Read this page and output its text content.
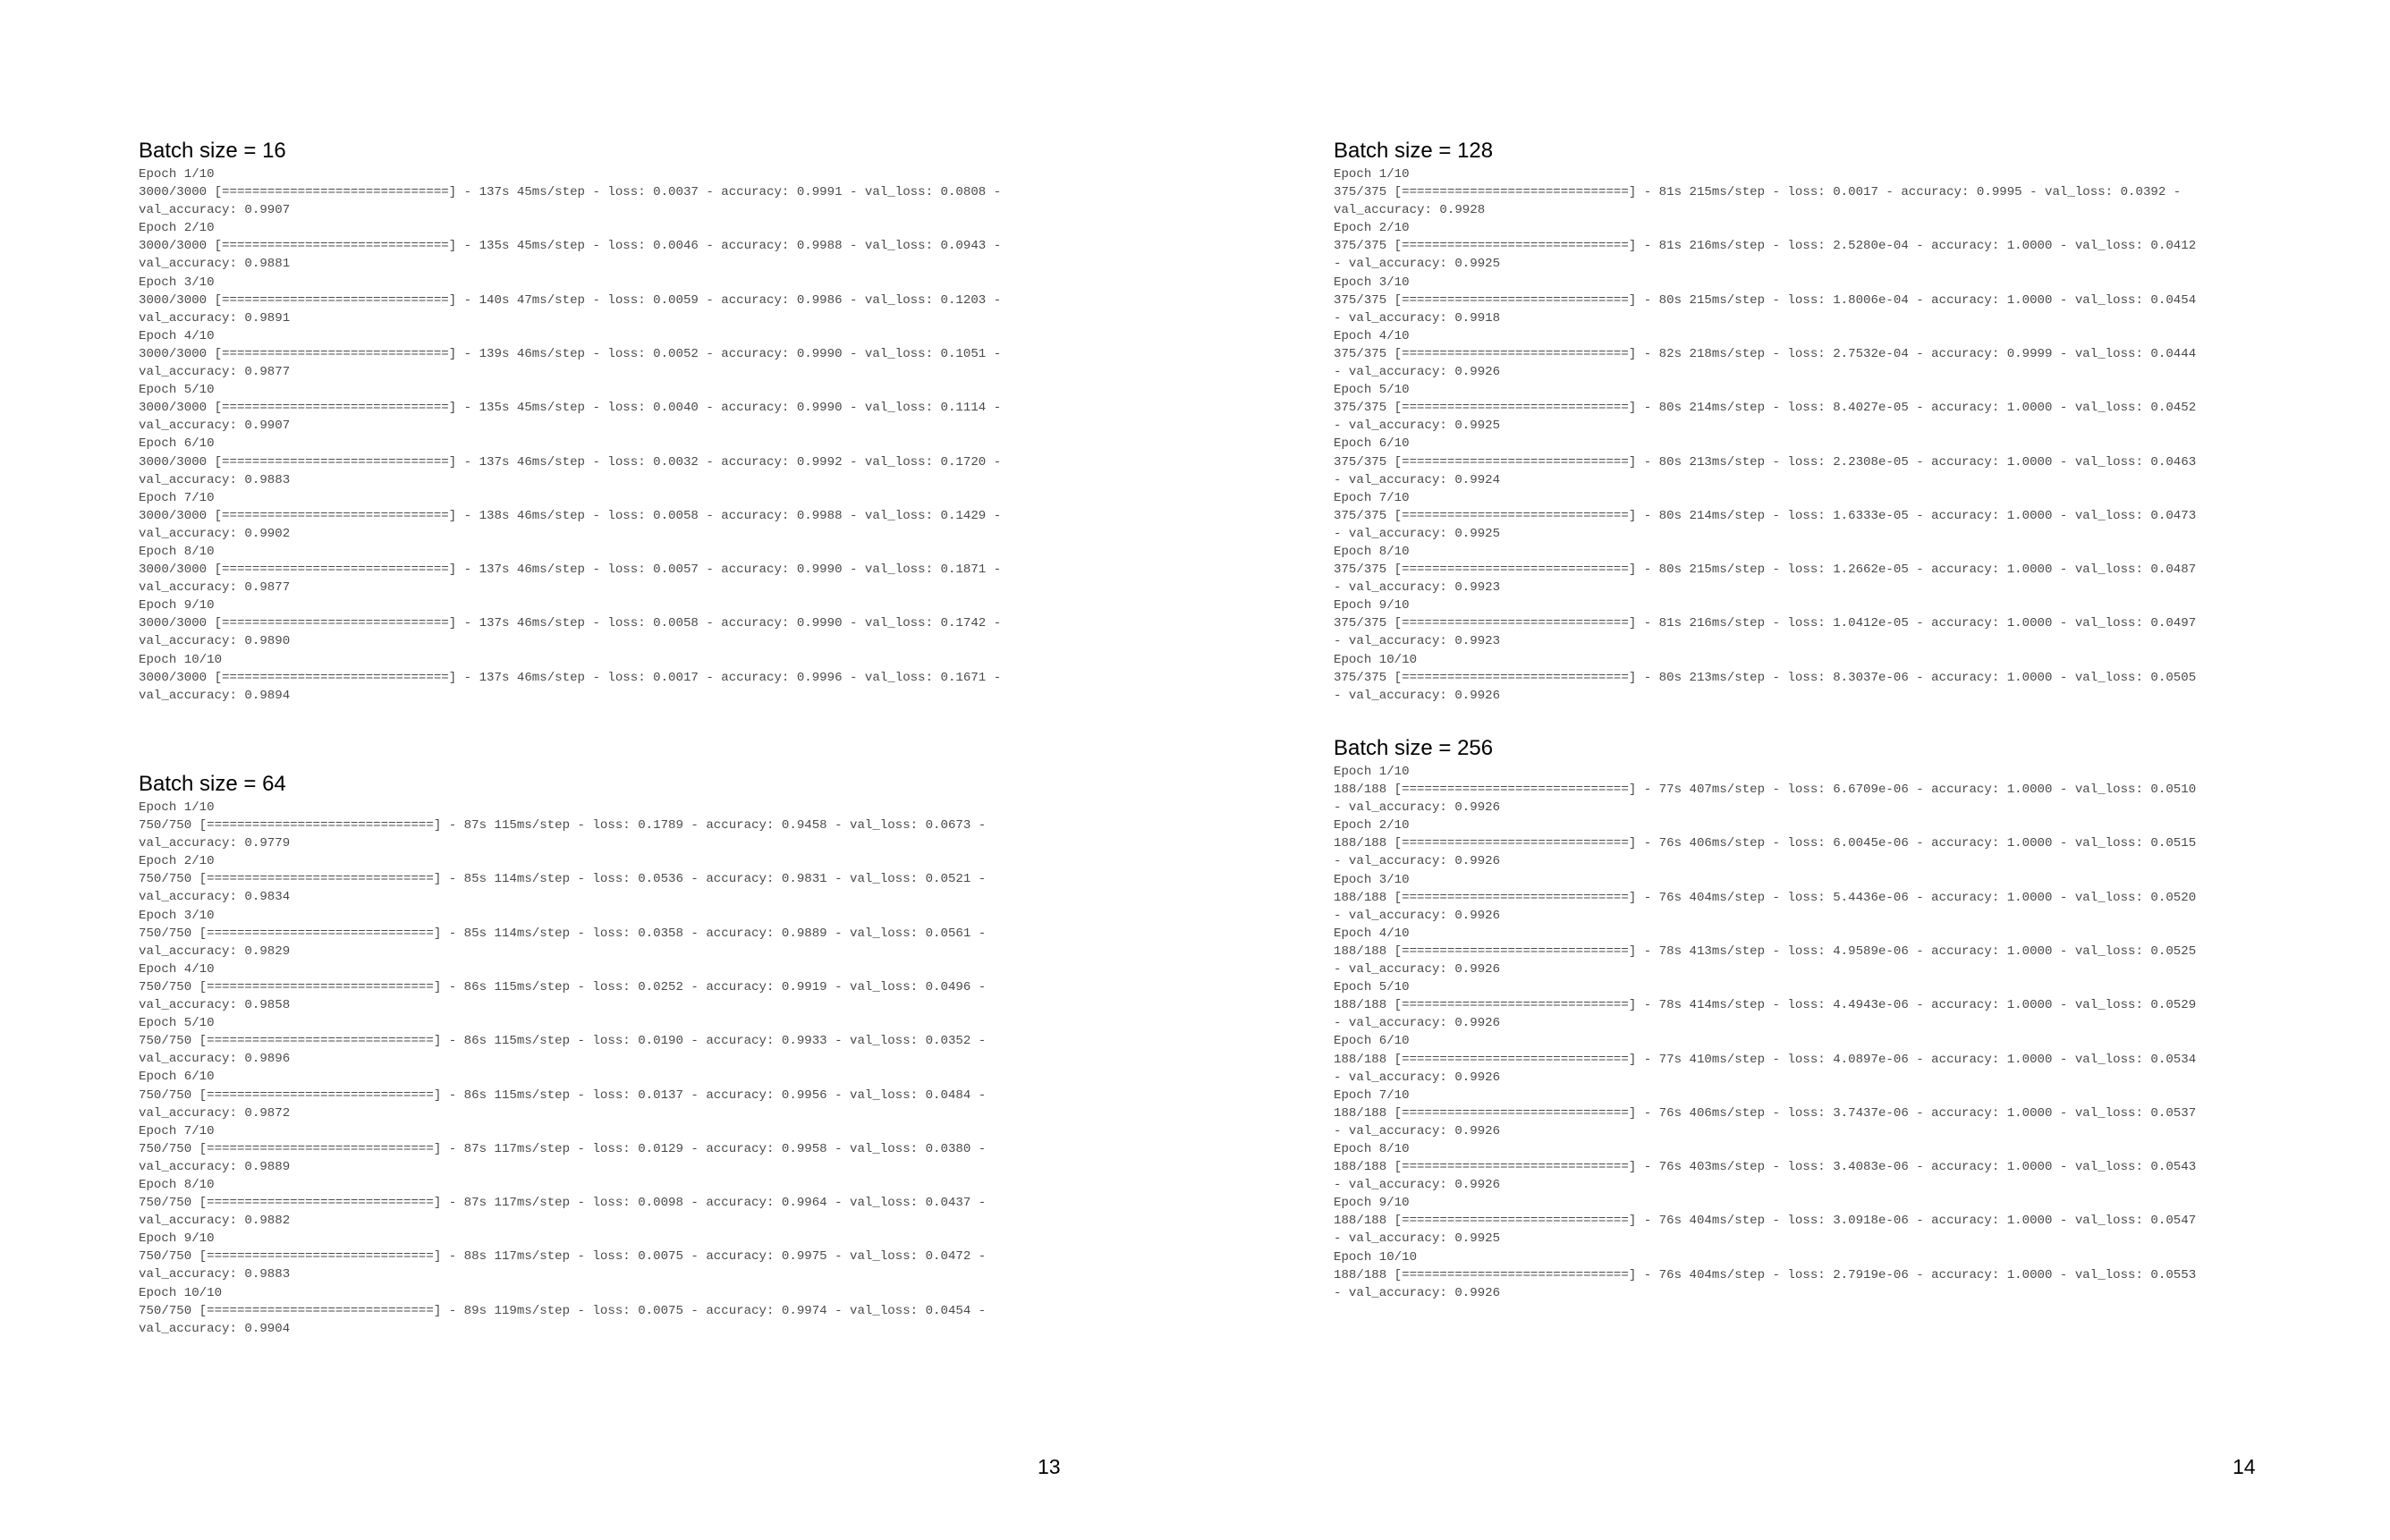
Batch size = 16
Epoch 1/10
3000/3000 [==============================] - 137s 45ms/step - loss: 0.0037 - accuracy: 0.9991 - val_loss: 0.0808 -
val_accuracy: 0.9907
Epoch 2/10
3000/3000 [==============================] - 135s 45ms/step - loss: 0.0046 - accuracy: 0.9988 - val_loss: 0.0943 -
val_accuracy: 0.9881
Epoch 3/10
3000/3000 [==============================] - 140s 47ms/step - loss: 0.0059 - accuracy: 0.9986 - val_loss: 0.1203 -
val_accuracy: 0.9891
Epoch 4/10
3000/3000 [==============================] - 139s 46ms/step - loss: 0.0052 - accuracy: 0.9990 - val_loss: 0.1051 -
val_accuracy: 0.9877
Epoch 5/10
3000/3000 [==============================] - 135s 45ms/step - loss: 0.0040 - accuracy: 0.9990 - val_loss: 0.1114 -
val_accuracy: 0.9907
Epoch 6/10
3000/3000 [==============================] - 137s 46ms/step - loss: 0.0032 - accuracy: 0.9992 - val_loss: 0.1720 -
val_accuracy: 0.9883
Epoch 7/10
3000/3000 [==============================] - 138s 46ms/step - loss: 0.0058 - accuracy: 0.9988 - val_loss: 0.1429 -
val_accuracy: 0.9902
Epoch 8/10
3000/3000 [==============================] - 137s 46ms/step - loss: 0.0057 - accuracy: 0.9990 - val_loss: 0.1871 -
val_accuracy: 0.9877
Epoch 9/10
3000/3000 [==============================] - 137s 46ms/step - loss: 0.0058 - accuracy: 0.9990 - val_loss: 0.1742 -
val_accuracy: 0.9890
Epoch 10/10
3000/3000 [==============================] - 137s 46ms/step - loss: 0.0017 - accuracy: 0.9996 - val_loss: 0.1671 -
val_accuracy: 0.9894
Batch size = 64
Epoch 1/10
750/750 [==============================] - 87s 115ms/step - loss: 0.1789 - accuracy: 0.9458 - val_loss: 0.0673 -
val_accuracy: 0.9779
Epoch 2/10
750/750 [==============================] - 85s 114ms/step - loss: 0.0536 - accuracy: 0.9831 - val_loss: 0.0521 -
val_accuracy: 0.9834
Epoch 3/10
750/750 [==============================] - 85s 114ms/step - loss: 0.0358 - accuracy: 0.9889 - val_loss: 0.0561 -
val_accuracy: 0.9829
Epoch 4/10
750/750 [==============================] - 86s 115ms/step - loss: 0.0252 - accuracy: 0.9919 - val_loss: 0.0496 -
val_accuracy: 0.9858
Epoch 5/10
750/750 [==============================] - 86s 115ms/step - loss: 0.0190 - accuracy: 0.9933 - val_loss: 0.0352 -
val_accuracy: 0.9896
Epoch 6/10
750/750 [==============================] - 86s 115ms/step - loss: 0.0137 - accuracy: 0.9956 - val_loss: 0.0484 -
val_accuracy: 0.9872
Epoch 7/10
750/750 [==============================] - 87s 117ms/step - loss: 0.0129 - accuracy: 0.9958 - val_loss: 0.0380 -
val_accuracy: 0.9889
Epoch 8/10
750/750 [==============================] - 87s 117ms/step - loss: 0.0098 - accuracy: 0.9964 - val_loss: 0.0437 -
val_accuracy: 0.9882
Epoch 9/10
750/750 [==============================] - 88s 117ms/step - loss: 0.0075 - accuracy: 0.9975 - val_loss: 0.0472 -
val_accuracy: 0.9883
Epoch 10/10
750/750 [==============================] - 89s 119ms/step - loss: 0.0075 - accuracy: 0.9974 - val_loss: 0.0454 -
val_accuracy: 0.9904
13
Batch size = 128
Epoch 1/10
375/375 [==============================] - 81s 215ms/step - loss: 0.0017 - accuracy: 0.9995 - val_loss: 0.0392 -
val_accuracy: 0.9928
Epoch 2/10
375/375 [==============================] - 81s 216ms/step - loss: 2.5280e-04 - accuracy: 1.0000 - val_loss: 0.0412
- val_accuracy: 0.9925
Epoch 3/10
375/375 [==============================] - 80s 215ms/step - loss: 1.8006e-04 - accuracy: 1.0000 - val_loss: 0.0454
- val_accuracy: 0.9918
Epoch 4/10
375/375 [==============================] - 82s 218ms/step - loss: 2.7532e-04 - accuracy: 0.9999 - val_loss: 0.0444
- val_accuracy: 0.9926
Epoch 5/10
375/375 [==============================] - 80s 214ms/step - loss: 8.4027e-05 - accuracy: 1.0000 - val_loss: 0.0452
- val_accuracy: 0.9925
Epoch 6/10
375/375 [==============================] - 80s 213ms/step - loss: 2.2308e-05 - accuracy: 1.0000 - val_loss: 0.0463
- val_accuracy: 0.9924
Epoch 7/10
375/375 [==============================] - 80s 214ms/step - loss: 1.6333e-05 - accuracy: 1.0000 - val_loss: 0.0473
- val_accuracy: 0.9925
Epoch 8/10
375/375 [==============================] - 80s 215ms/step - loss: 1.2662e-05 - accuracy: 1.0000 - val_loss: 0.0487
- val_accuracy: 0.9923
Epoch 9/10
375/375 [==============================] - 81s 216ms/step - loss: 1.0412e-05 - accuracy: 1.0000 - val_loss: 0.0497
- val_accuracy: 0.9923
Epoch 10/10
375/375 [==============================] - 80s 213ms/step - loss: 8.3037e-06 - accuracy: 1.0000 - val_loss: 0.0505
- val_accuracy: 0.9926
Batch size = 256
Epoch 1/10
188/188 [==============================] - 77s 407ms/step - loss: 6.6709e-06 - accuracy: 1.0000 - val_loss: 0.0510
- val_accuracy: 0.9926
Epoch 2/10
188/188 [==============================] - 76s 406ms/step - loss: 6.0045e-06 - accuracy: 1.0000 - val_loss: 0.0515
- val_accuracy: 0.9926
Epoch 3/10
188/188 [==============================] - 76s 404ms/step - loss: 5.4436e-06 - accuracy: 1.0000 - val_loss: 0.0520
- val_accuracy: 0.9926
Epoch 4/10
188/188 [==============================] - 78s 413ms/step - loss: 4.9589e-06 - accuracy: 1.0000 - val_loss: 0.0525
- val_accuracy: 0.9926
Epoch 5/10
188/188 [==============================] - 78s 414ms/step - loss: 4.4943e-06 - accuracy: 1.0000 - val_loss: 0.0529
- val_accuracy: 0.9926
Epoch 6/10
188/188 [==============================] - 77s 410ms/step - loss: 4.0897e-06 - accuracy: 1.0000 - val_loss: 0.0534
- val_accuracy: 0.9926
Epoch 7/10
188/188 [==============================] - 76s 406ms/step - loss: 3.7437e-06 - accuracy: 1.0000 - val_loss: 0.0537
- val_accuracy: 0.9926
Epoch 8/10
188/188 [==============================] - 76s 403ms/step - loss: 3.4083e-06 - accuracy: 1.0000 - val_loss: 0.0543
- val_accuracy: 0.9926
Epoch 9/10
188/188 [==============================] - 76s 404ms/step - loss: 3.0918e-06 - accuracy: 1.0000 - val_loss: 0.0547
- val_accuracy: 0.9925
Epoch 10/10
188/188 [==============================] - 76s 404ms/step - loss: 2.7919e-06 - accuracy: 1.0000 - val_loss: 0.0553
- val_accuracy: 0.9926
14
